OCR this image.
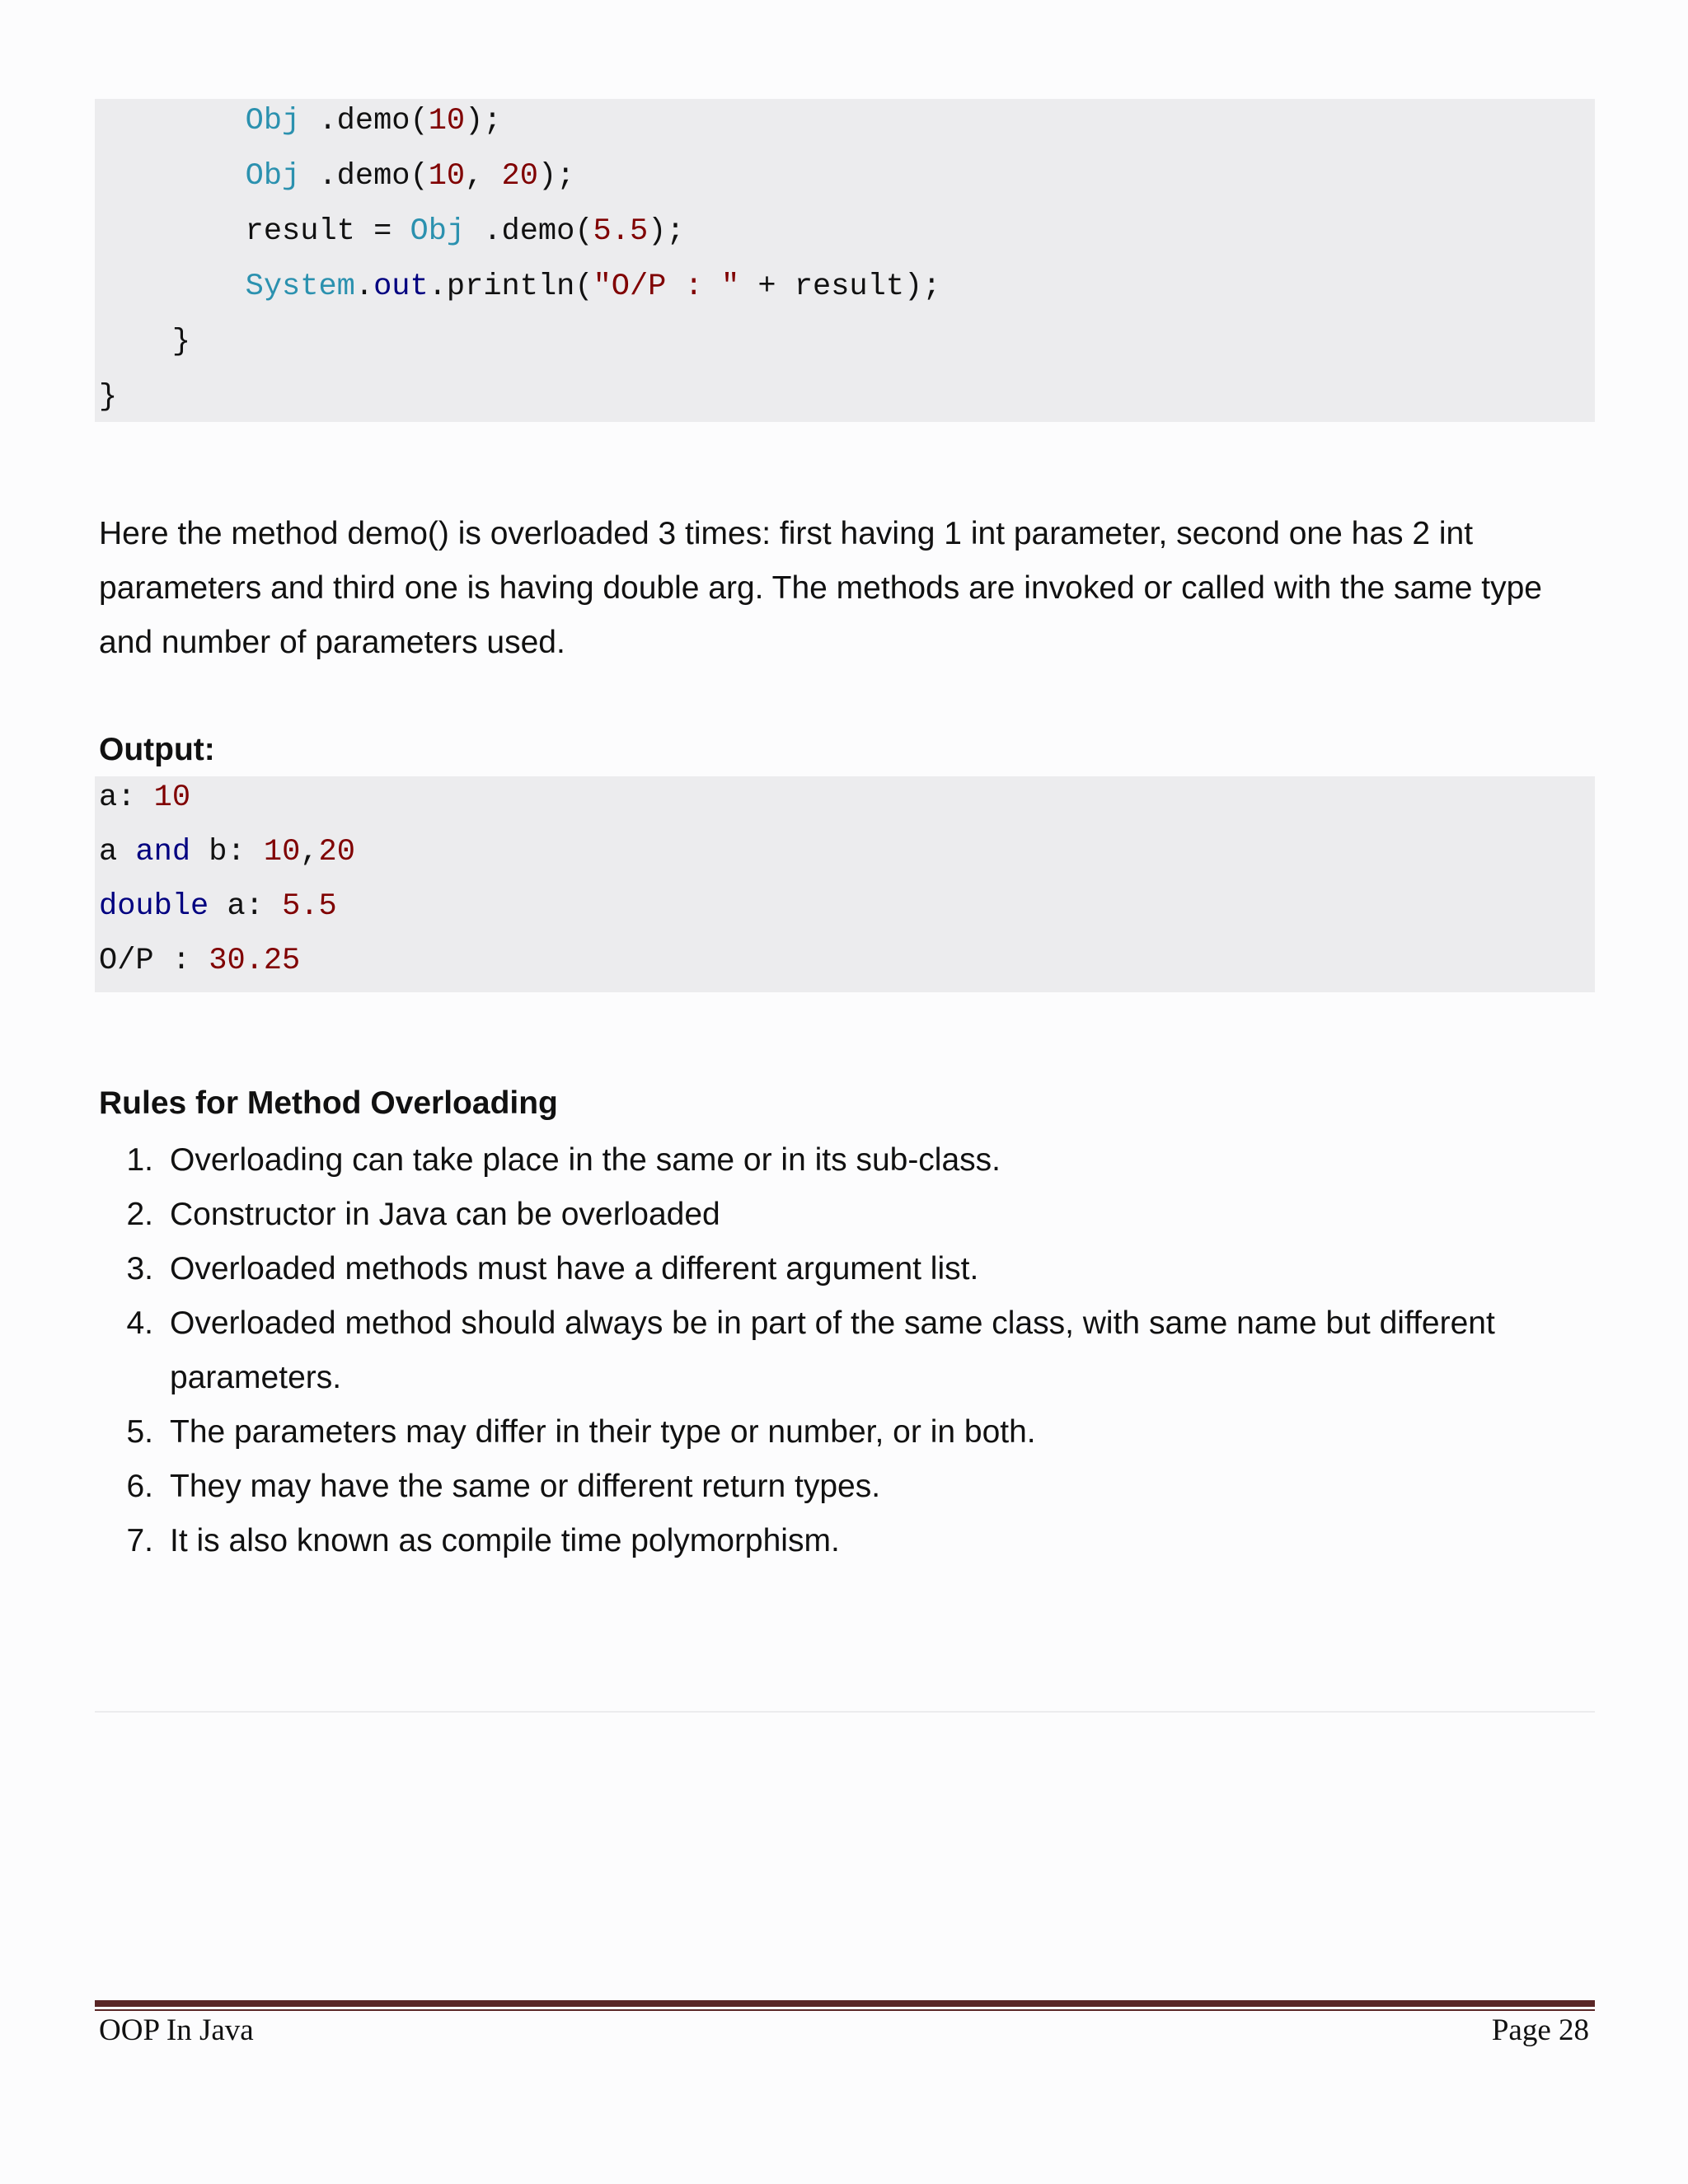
Obj .demo(10);
Obj .demo(10, 20);
result = Obj .demo(5.5);
System.out.println("O/P : " + result);
}
}
Here the method demo() is overloaded 3 times: first having 1 int parameter, second one has 2 int
parameters and third one is having double arg. The methods are invoked or called with the same type
and number of parameters used.
Output:
a: 10
a and b: 10,20
double a: 5.5
O/P : 30.25
Rules for Method Overloading
1. Overloading can take place in the same or in its sub-class.
2. Constructor in Java can be overloaded
3. Overloaded methods must have a different argument list.
4. Overloaded method should always be in part of the same class, with same name but different
parameters.
5. The parameters may differ in their type or number, or in both.
6. They may have the same or different return types.
7. It is also known as compile time polymorphism.
OOP In Java	Page 28
